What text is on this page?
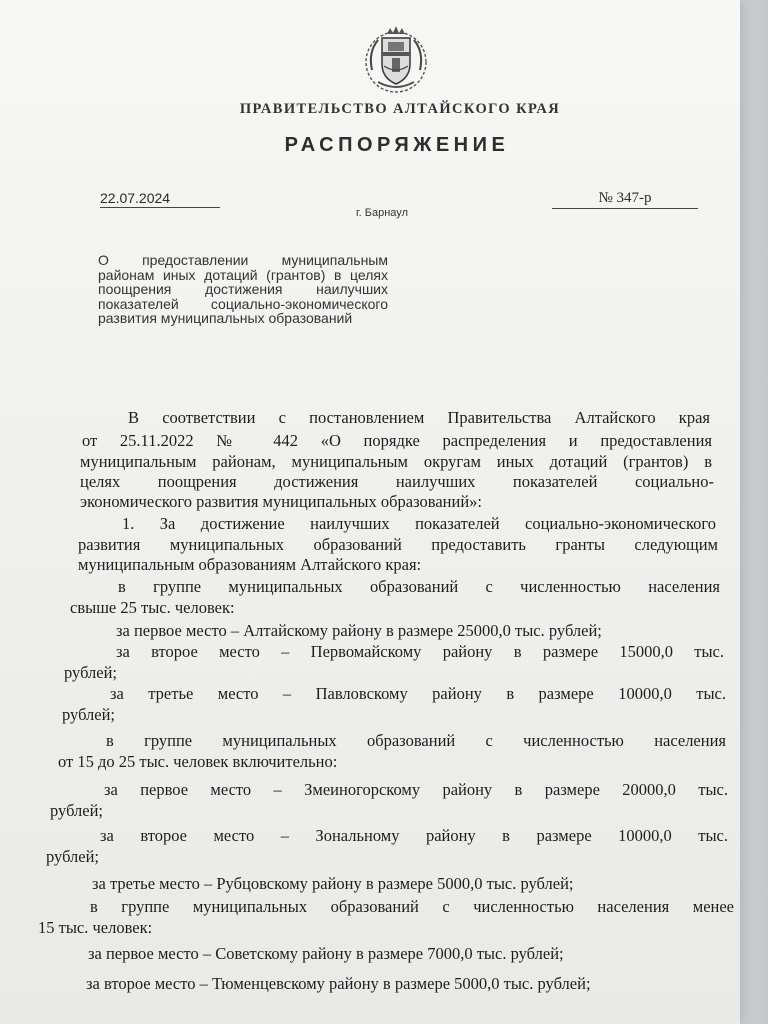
ПРАВИТЕЛЬСТВО АЛТАЙСКОГО КРАЯ
РАСПОРЯЖЕНИЕ
22.07.2024
г. Барнаул
№ 347-р
О предоставлении муниципальным районам иных дотаций (грантов) в целях поощрения достижения наилучших показателей социально-экономического развития муниципальных образований
В соответствии с постановлением Правительства Алтайского края
от 25.11.2022 № 442 «О порядке распределения и предоставления
муниципальным районам, муниципальным округам иных дотаций (грантов) в
целях поощрения достижения наилучших показателей социально-
экономического развития муниципальных образований»:
1. За достижение наилучших показателей социально-экономического
развития муниципальных образований предоставить гранты следующим
муниципальным образованиям Алтайского края:
в группе муниципальных образований с численностью населения
свыше 25 тыс. человек:
за первое место – Алтайскому району в размере 25000,0 тыс. рублей;
за второе место – Первомайскому району в размере 15000,0 тыс.
рублей;
за третье место – Павловскому району в размере 10000,0 тыс.
рублей;
в группе муниципальных образований с численностью населения
от 15 до 25 тыс. человек включительно:
за первое место – Змеиногорскому району в размере 20000,0 тыс.
рублей;
за второе место – Зональному району в размере 10000,0 тыс.
рублей;
за третье место – Рубцовскому району в размере 5000,0 тыс. рублей;
в группе муниципальных образований с численностью населения менее
15 тыс. человек:
за первое место – Советскому району в размере 7000,0 тыс. рублей;
за второе место – Тюменцевскому району в размере 5000,0 тыс. рублей;
